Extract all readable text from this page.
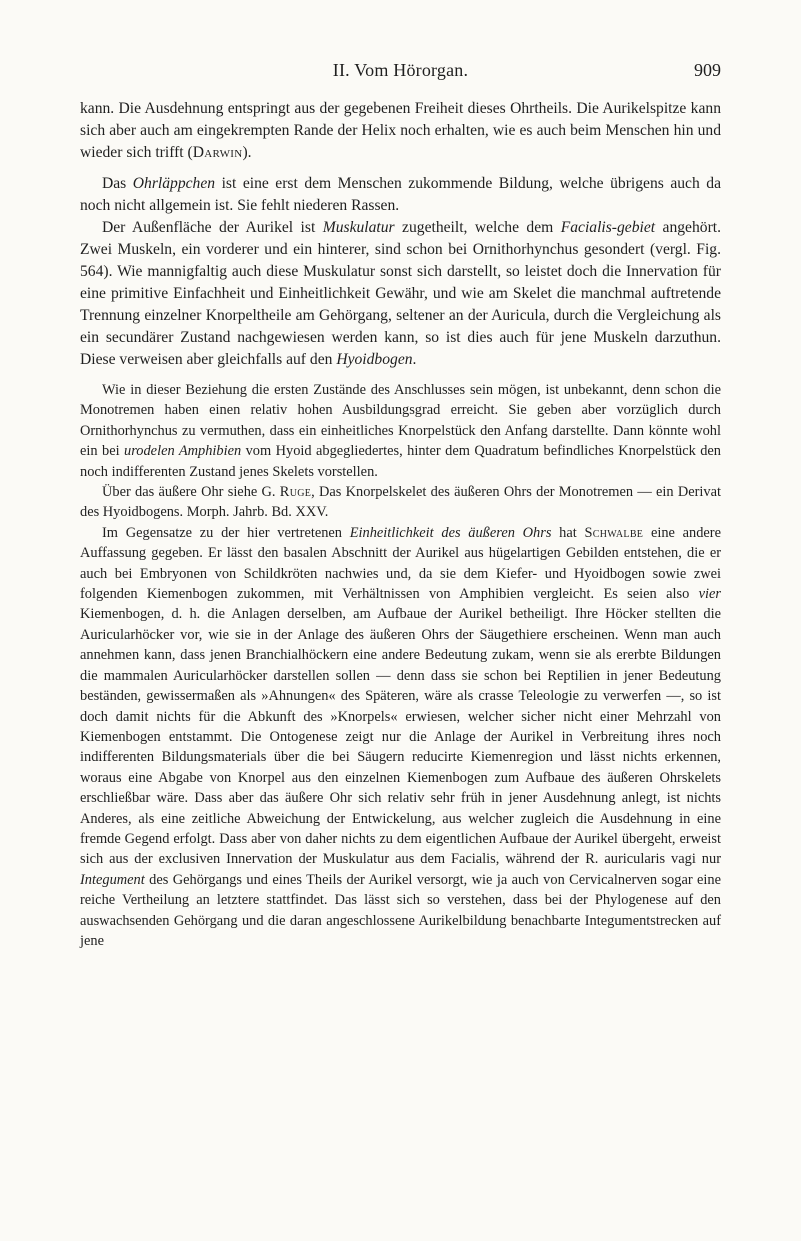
II. Vom Hörorgan.	909

kann. Die Ausdehnung entspringt aus der gegebenen Freiheit dieses Ohrtheils. Die Aurikelspitze kann sich aber auch am eingekrempten Rande der Helix noch erhalten, wie es auch beim Menschen hin und wieder sich trifft (Darwin).

Das Ohrläppchen ist eine erst dem Menschen zukommende Bildung, welche übrigens auch da noch nicht allgemein ist. Sie fehlt niederen Rassen.

Der Außenfläche der Aurikel ist Muskulatur zugetheilt, welche dem Facialis-gebiet angehört. Zwei Muskeln, ein vorderer und ein hinterer, sind schon bei Ornithorhynchus gesondert (vergl. Fig. 564). Wie mannigfaltig auch diese Muskulatur sonst sich darstellt, so leistet doch die Innervation für eine primitive Einfachheit und Einheitlichkeit Gewähr, und wie am Skelet die manchmal auftretende Trennung einzelner Knorpeltheile am Gehörgang, seltener an der Auricula, durch die Vergleichung als ein secundärer Zustand nachgewiesen werden kann, so ist dies auch für jene Muskeln darzuthun. Diese verweisen aber gleichfalls auf den Hyoidbogen.

Wie in dieser Beziehung die ersten Zustände des Anschlusses sein mögen, ist unbekannt, denn schon die Monotremen haben einen relativ hohen Ausbildungsgrad erreicht. Sie geben aber vorzüglich durch Ornithorhynchus zu vermuthen, dass ein einheitliches Knorpelstück den Anfang darstellte. Dann könnte wohl ein bei urodelen Amphibien vom Hyoid abgegliedertes, hinter dem Quadratum befindliches Knorpelstück den noch indifferenten Zustand jenes Skelets vorstellen.

Über das äußere Ohr siehe G. Ruge, Das Knorpelskelet des äußeren Ohrs der Monotremen — ein Derivat des Hyoidbogens. Morph. Jahrb. Bd. XXV.

Im Gegensatze zu der hier vertretenen Einheitlichkeit des äußeren Ohrs hat Schwalbe eine andere Auffassung gegeben. Er lässt den basalen Abschnitt der Aurikel aus hügelartigen Gebilden entstehen, die er auch bei Embryonen von Schildkröten nachwies und, da sie dem Kiefer- und Hyoidbogen sowie zwei folgenden Kiemenbogen zukommen, mit Verhältnissen von Amphibien vergleicht. Es seien also vier Kiemenbogen, d. h. die Anlagen derselben, am Aufbaue der Aurikel betheiligt. Ihre Höcker stellten die Auricularhöcker vor, wie sie in der Anlage des äußeren Ohrs der Säugethiere erscheinen. Wenn man auch annehmen kann, dass jenen Branchialhöckern eine andere Bedeutung zukam, wenn sie als ererbte Bildungen die mammalen Auricularhöcker darstellen sollen — denn dass sie schon bei Reptilien in jener Bedeutung beständen, gewissermaßen als »Ahnungen« des Späteren, wäre als crasse Teleologie zu verwerfen —, so ist doch damit nichts für die Abkunft des »Knorpels« erwiesen, welcher sicher nicht einer Mehrzahl von Kiemenbogen entstammt. Die Ontogenese zeigt nur die Anlage der Aurikel in Verbreitung ihres noch indifferenten Bildungsmaterials über die bei Säugern reducirte Kiemenregion und lässt nichts erkennen, woraus eine Abgabe von Knorpel aus den einzelnen Kiemenbogen zum Aufbaue des äußeren Ohrskelets erschließbar wäre. Dass aber das äußere Ohr sich relativ sehr früh in jener Ausdehnung anlegt, ist nichts Anderes, als eine zeitliche Abweichung der Entwickelung, aus welcher zugleich die Ausdehnung in eine fremde Gegend erfolgt. Dass aber von daher nichts zu dem eigentlichen Aufbaue der Aurikel übergeht, erweist sich aus der exclusiven Innervation der Muskulatur aus dem Facialis, während der R. auricularis vagi nur Integument des Gehörgangs und eines Theils der Aurikel versorgt, wie ja auch von Cervicalnerven sogar eine reiche Vertheilung an letztere stattfindet. Das lässt sich so verstehen, dass bei der Phylogenese auf den auswachsenden Gehörgang und die daran angeschlossene Aurikelbildung benachbarte Integumentstrecken auf jene
